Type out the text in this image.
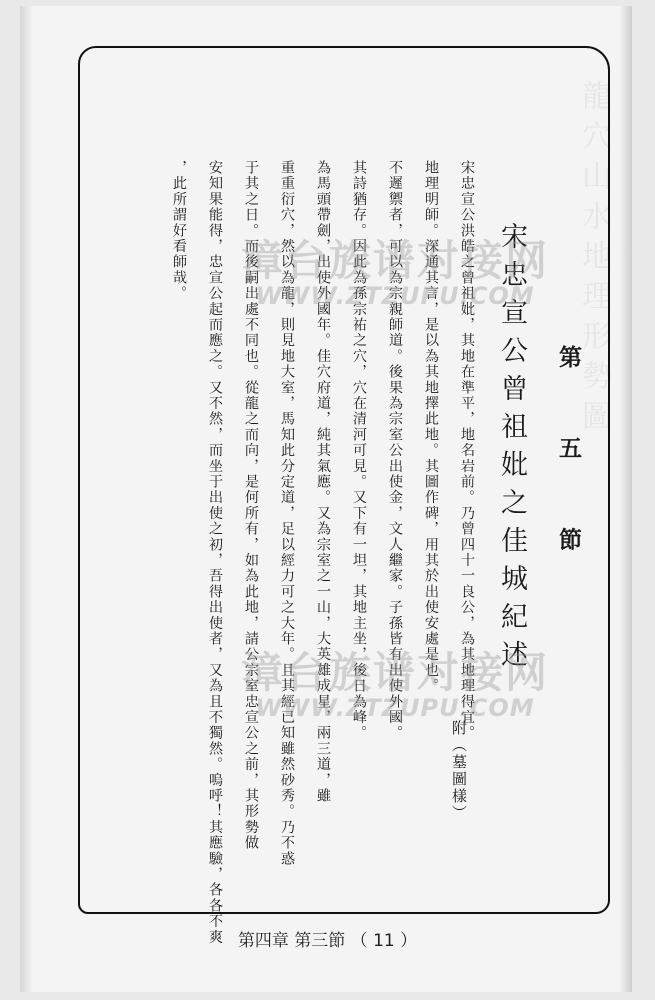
龍穴山水地理形勢圖
第 五 節
宋忠宣公曾祖妣之佳城紀述
宋忠宣公洪皓之曾祖妣，其地在準平，地名岩前。乃曾四十一良公，為其地理得宜。
地理明師。深通其言，是以為其地擇此地。其圖作碑，用其於出使安處是也。
不遲禦者，可以為宗親師道。後果為宗室公出使金，文人繼家。子孫皆有出使外國。
其詩猶存。因此為孫宗祐之穴，穴在清河可見。又下有一坦，其地主坐，後日為峰。
為馬頭帶劍，出使外國年。佳穴府道，純其氣應。又為宗室之一山，大英雄成星，兩三道，雖
重重衍穴，然以為龍，則見地大室，馬知此分定道，足以經力可之大年。且其經已知雖然砂秀。乃不惑
于其之日。而後嗣出處不同也。從龍之而向，是何所有，如為此地，請公宗室忠宣公之前，其形勢做
安知果能得，忠宣公起而應之。又不然，而坐于出使之初，吾得出使者，又為且不獨然。嗚呼！其應驗，各各不爽
，此所謂好看師哉。
附（墓圖樣）
漳台族谱对接网
WWW.ZTZUPU.COM
漳台族谱对接网
WWW.ZTZUPU.COM
第四章 第三節 （ 11 ）
